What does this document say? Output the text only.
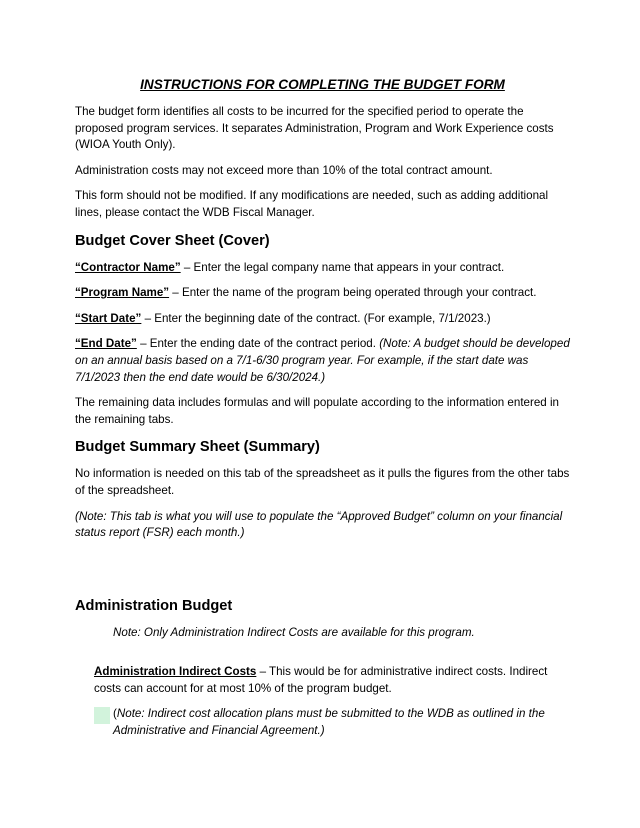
INSTRUCTIONS FOR COMPLETING THE BUDGET FORM

The budget form identifies all costs to be incurred for the specified period to operate the proposed program services. It separates Administration, Program and Work Experience costs (WIOA Youth Only).

Administration costs may not exceed more than 10% of the total contract amount.

This form should not be modified. If any modifications are needed, such as adding additional lines, please contact the WDB Fiscal Manager.

Budget Cover Sheet (Cover)

“Contractor Name” – Enter the legal company name that appears in your contract.

“Program Name” – Enter the name of the program being operated through your contract.

“Start Date” – Enter the beginning date of the contract. (For example, 7/1/2023.)

“End Date” – Enter the ending date of the contract period. (Note: A budget should be developed on an annual basis based on a 7/1-6/30 program year. For example, if the start date was 7/1/2023 then the end date would be 6/30/2024.)

The remaining data includes formulas and will populate according to the information entered in the remaining tabs.

Budget Summary Sheet (Summary)

No information is needed on this tab of the spreadsheet as it pulls the figures from the other tabs of the spreadsheet.

(Note: This tab is what you will use to populate the “Approved Budget” column on your financial status report (FSR) each month.)

Administration Budget

Note: Only Administration Indirect Costs are available for this program.

Administration Indirect Costs – This would be for administrative indirect costs. Indirect costs can account for at most 10% of the program budget.

(Note: Indirect cost allocation plans must be submitted to the WDB as outlined in the Administrative and Financial Agreement.)
